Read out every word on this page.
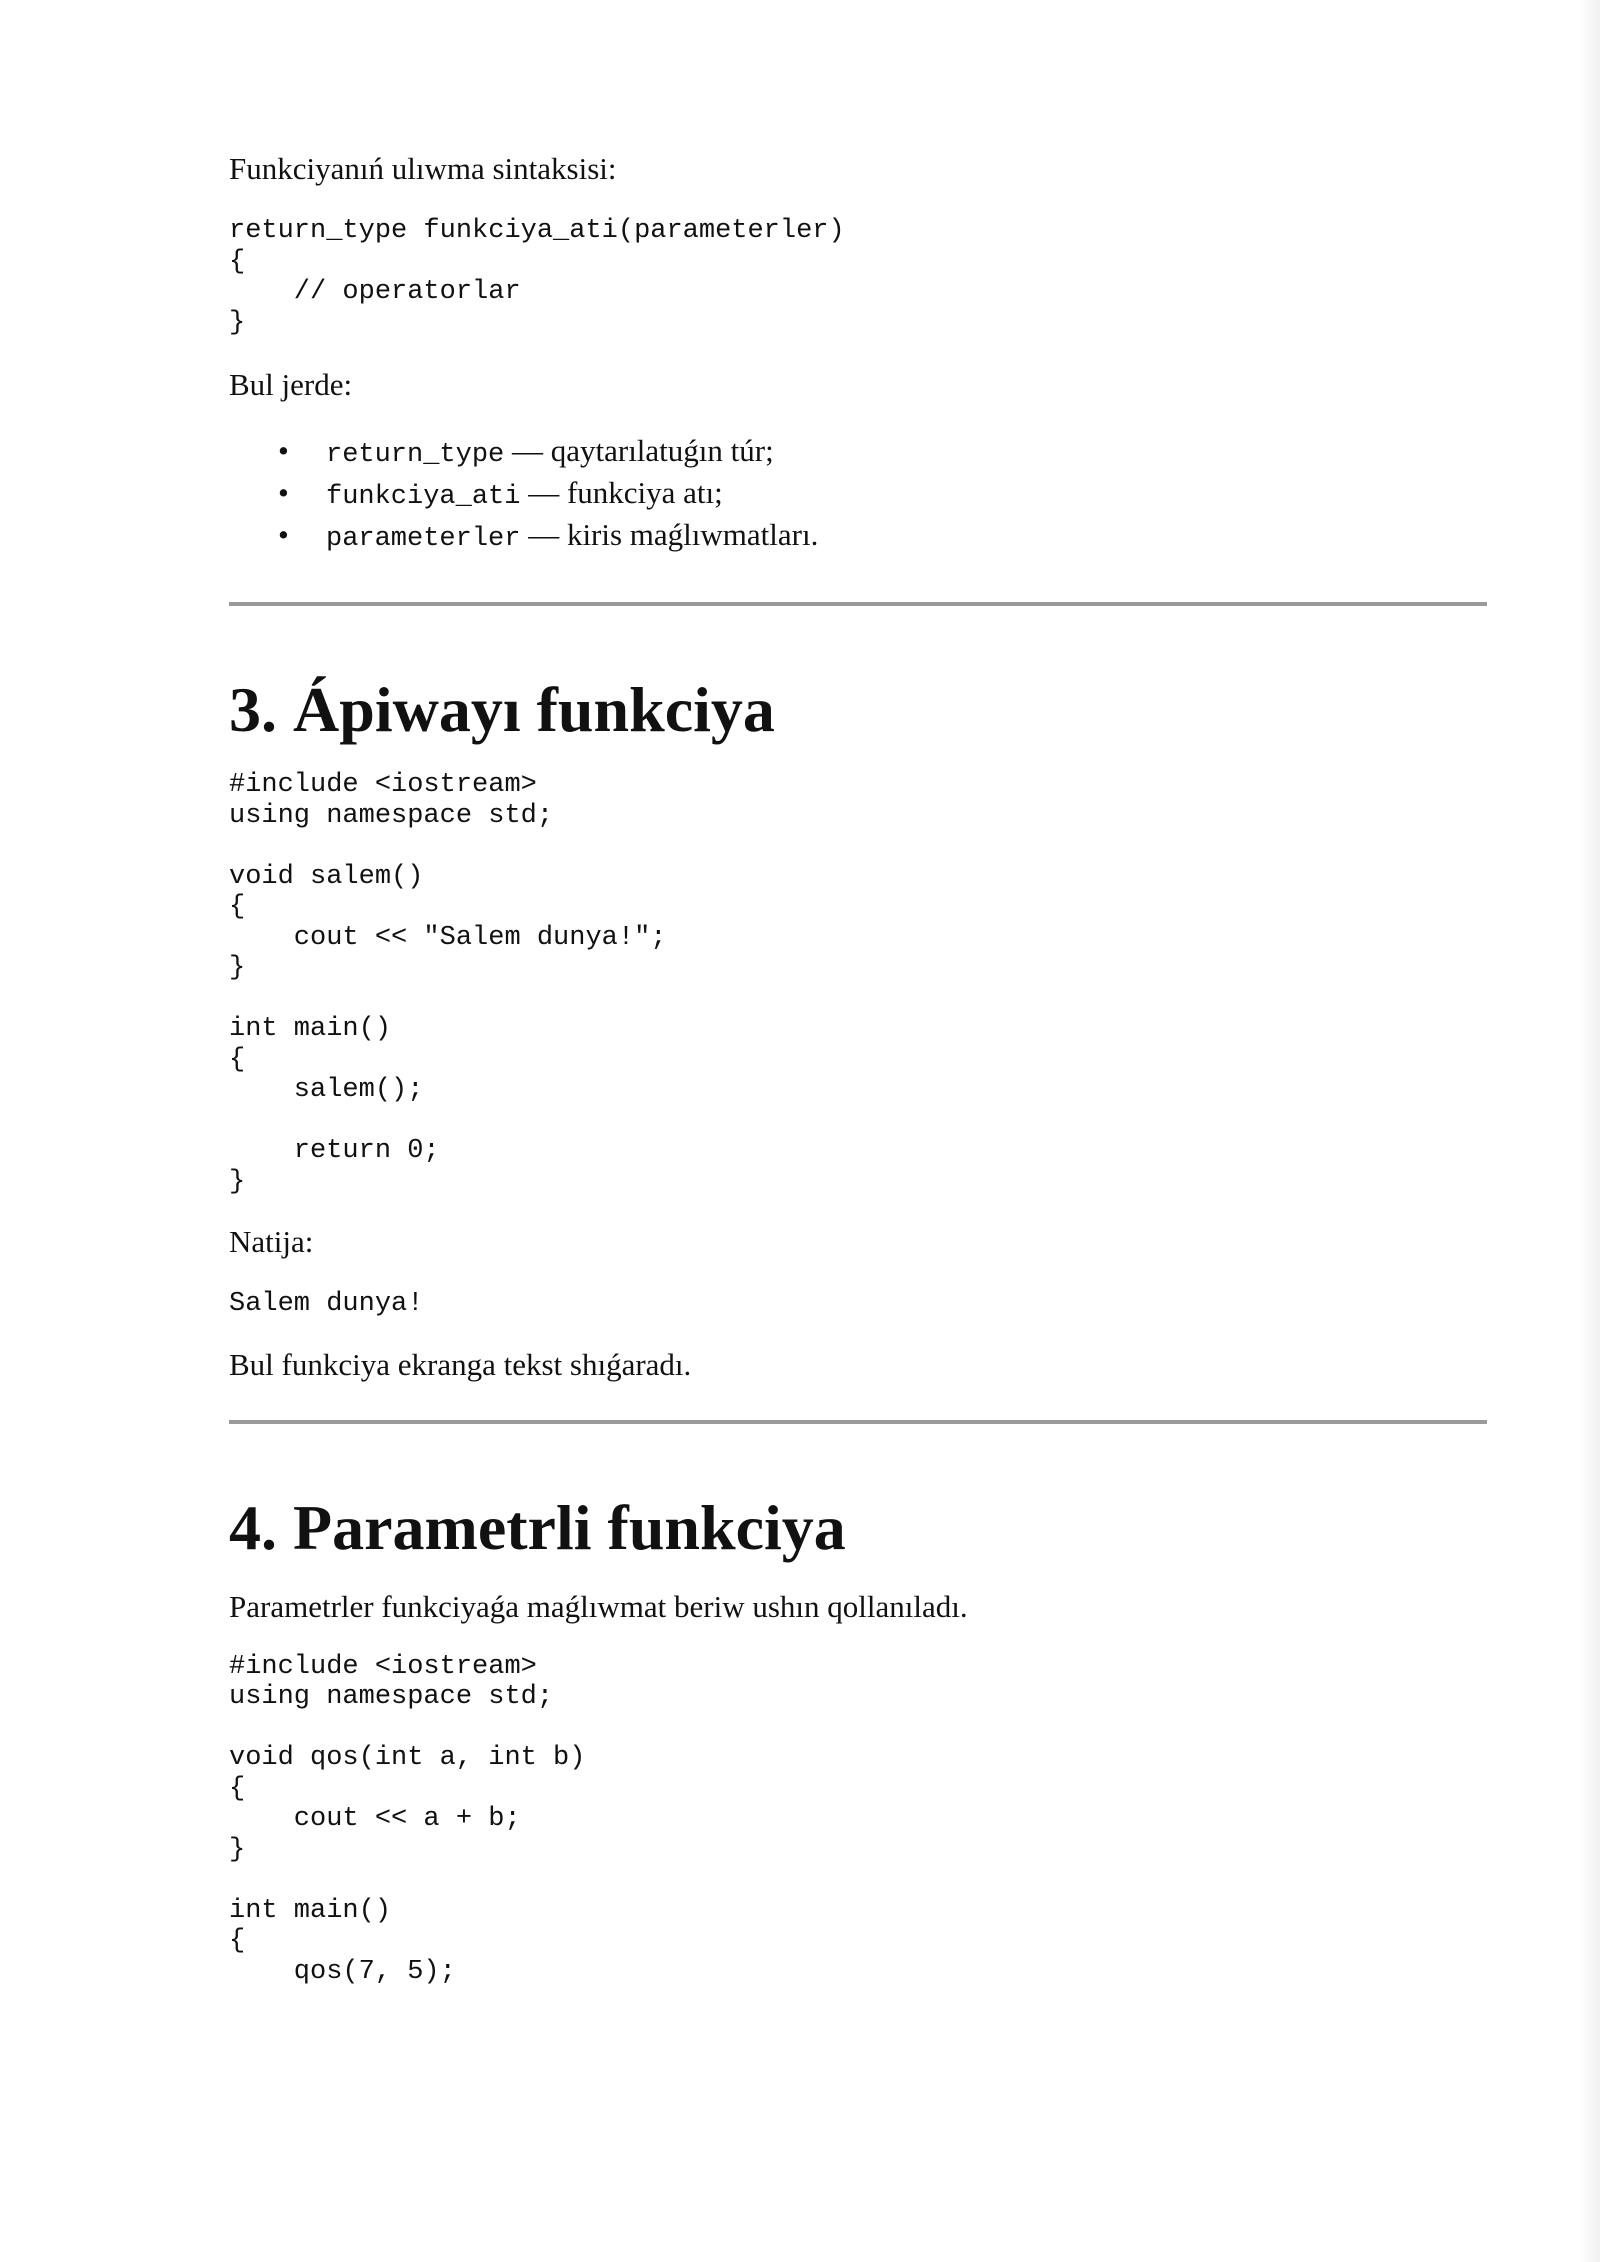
Funkciyanıń ulıwma sintaksisi:

return_type funkciya_ati(parameterler)
{
// operatorlar
}

Bul jerde:

• return_type — qaytarılatuǵın túr;
• funkciya_ati — funkciya atı;
• parameterler — kiris maǵlıwmatları.
3. Ápiwayı funkciya
#include <iostream>
using namespace std;
void salem()
{
cout << "Salem dunya!";
}
int main()
{
salem();
return 0;
}

Natija:

Salem dunya!

Bul funkciya ekranga tekst shıǵaradı.

4. Parametrli funkciya

Parametrler funkciyaǵa maǵlıwmat beriw ushın qollanıladı.

#include <iostream>
using namespace std;
void qos(int a, int b)
{
cout << a + b;
}
int main()
{
qos(7, 5);
